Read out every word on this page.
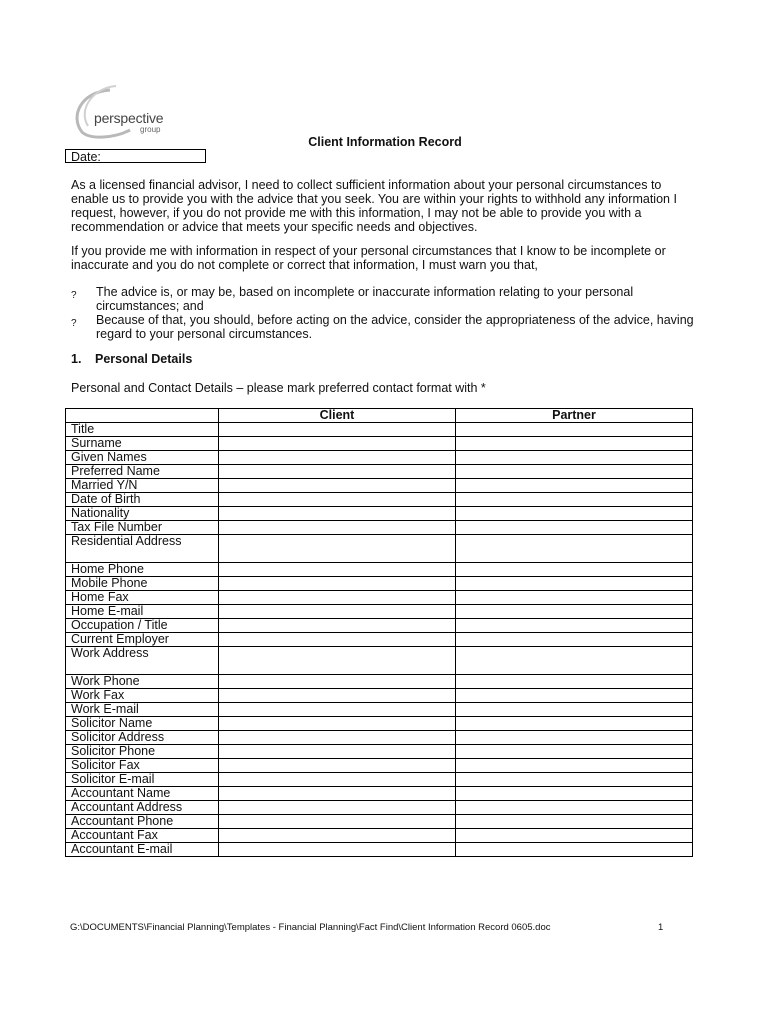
perspective
group
Client Information Record
Date:

As a licensed financial advisor, I need to collect sufficient information about your personal circumstances to enable us to provide you with the advice that you seek. You are within your rights to withhold any information I request, however, if you do not provide me with this information, I may not be able to provide you with a recommendation or advice that meets your specific needs and objectives.

If you provide me with information in respect of your personal circumstances that I know to be incomplete or inaccurate and you do not complete or correct that information, I must warn you that,

? The advice is, or may be, based on incomplete or inaccurate information relating to your personal circumstances; and
? Because of that, you should, before acting on the advice, consider the appropriateness of the advice, having regard to your personal circumstances.
1. Personal Details
Personal and Contact Details – please mark preferred contact format with *
	Client	Partner
Title		
Surname		
Given Names		
Preferred Name		
Married Y/N		
Date of Birth		
Nationality		
Tax File Number		
Residential Address		
Home Phone		
Mobile Phone		
Home Fax		
Home E-mail		
Occupation / Title		
Current Employer		
Work Address		
Work Phone		
Work Fax		
Work E-mail		
Solicitor Name		
Solicitor Address		
Solicitor Phone		
Solicitor Fax		
Solicitor E-mail		
Accountant Name		
Accountant Address		
Accountant Phone		
Accountant Fax		
Accountant E-mail		
G:\DOCUMENTS\Financial Planning\Templates - Financial Planning\Fact Find\Client Information Record 0605.doc	1
